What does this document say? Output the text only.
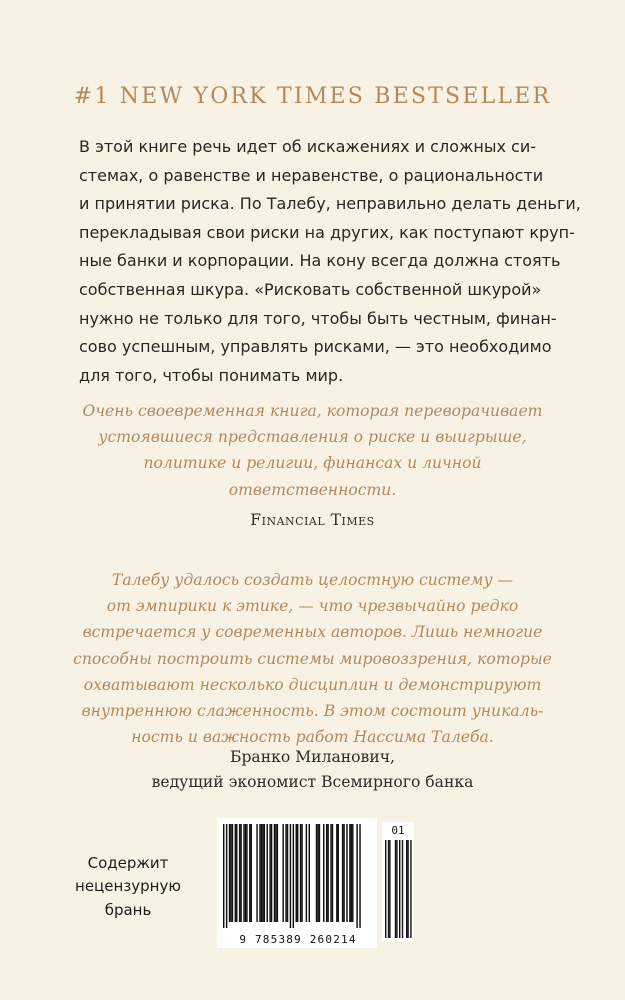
#1 NEW YORK TIMES BESTSELLER

В этой книге речь идет об искажениях и сложных си-
стемах, о равенстве и неравенстве, о рациональности
и принятии риска. По Талебу, неправильно делать деньги,
перекладывая свои риски на других, как поступают круп-
ные банки и корпорации. На кону всегда должна стоять
собственная шкура. «Рисковать собственной шкурой»
нужно не только для того, чтобы быть честным, финан-
сово успешным, управлять рисками, — это необходимо
для того, чтобы понимать мир.

Очень своевременная книга, которая переворачивает
устоявшиеся представления о риске и выигрыше,
политике и религии, финансах и личной
ответственности.

Financial Times

Талебу удалось создать целостную систему —
от эмпирики к этике, — что чрезвычайно редко
встречается у современных авторов. Лишь немногие
способны построить системы мировоззрения, которые
охватывают несколько дисциплин и демонстрируют
внутреннюю слаженность. В этом состоит уникаль-
ность и важность работ Нассима Талеба.

Бранко Миланович,
ведущий экономист Всемирного банка

Содержит
нецензурную
брань
9 785389 260214
01
